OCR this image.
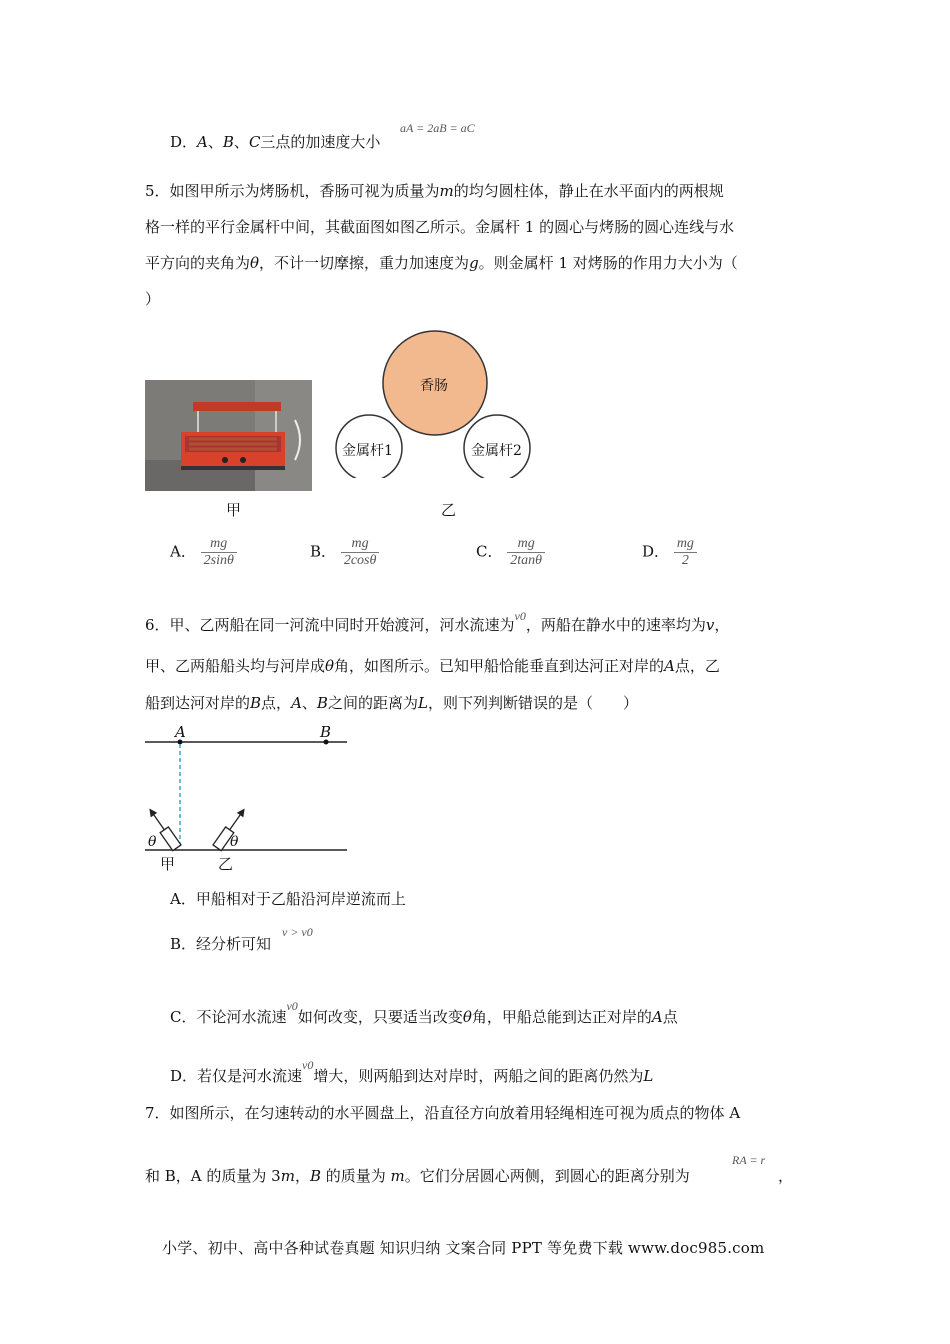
D．A、B、C三点的加速度大小
aA = 2aB = aC
5．如图甲所示为烤肠机，香肠可视为质量为m的均匀圆柱体，静止在水平面内的两根规
格一样的平行金属杆中间，其截面图如图乙所示。金属杆 1 的圆心与烤肠的圆心连线与水
平方向的夹角为θ，不计一切摩擦，重力加速度为g。则金属杆 1 对烤肠的作用力大小为（
）
甲
香肠
金属杆1	金属杆2
乙
A． $\frac{mg}{2\sin\theta}$	B． $\frac{mg}{2\cos\theta}$	C． $\frac{mg}{2\tan\theta}$	D． $\frac{mg}{2}$
6．甲、乙两船在同一河流中同时开始渡河，河水流速为$^{v0}$，两船在静水中的速率均为v，
甲、乙两船船头均与河岸成θ角，如图所示。已知甲船恰能垂直到达河正对岸的A点，乙
船到达河对岸的B点，A、B之间的距离为L，则下列判断错误的是（　　）
A	B
θ	θ
甲	乙
A．甲船相对于乙船沿河岸逆流而上
B．经分析可知
v > v0
C．不论河水流速$^{v0}$如何改变，只要适当改变θ角，甲船总能到达正对岸的A点
D．若仅是河水流速$^{v0}$增大，则两船到达对岸时，两船之间的距离仍然为L
7．如图所示，在匀速转动的水平圆盘上，沿直径方向放着用轻绳相连可视为质点的物体 A
和 B，A 的质量为 3m，B 的质量为 m。它们分居圆心两侧，到圆心的距离分别为
RA = r
，
小学、初中、高中各种试卷真题 知识归纳 文案合同 PPT 等免费下载 www.doc985.com
